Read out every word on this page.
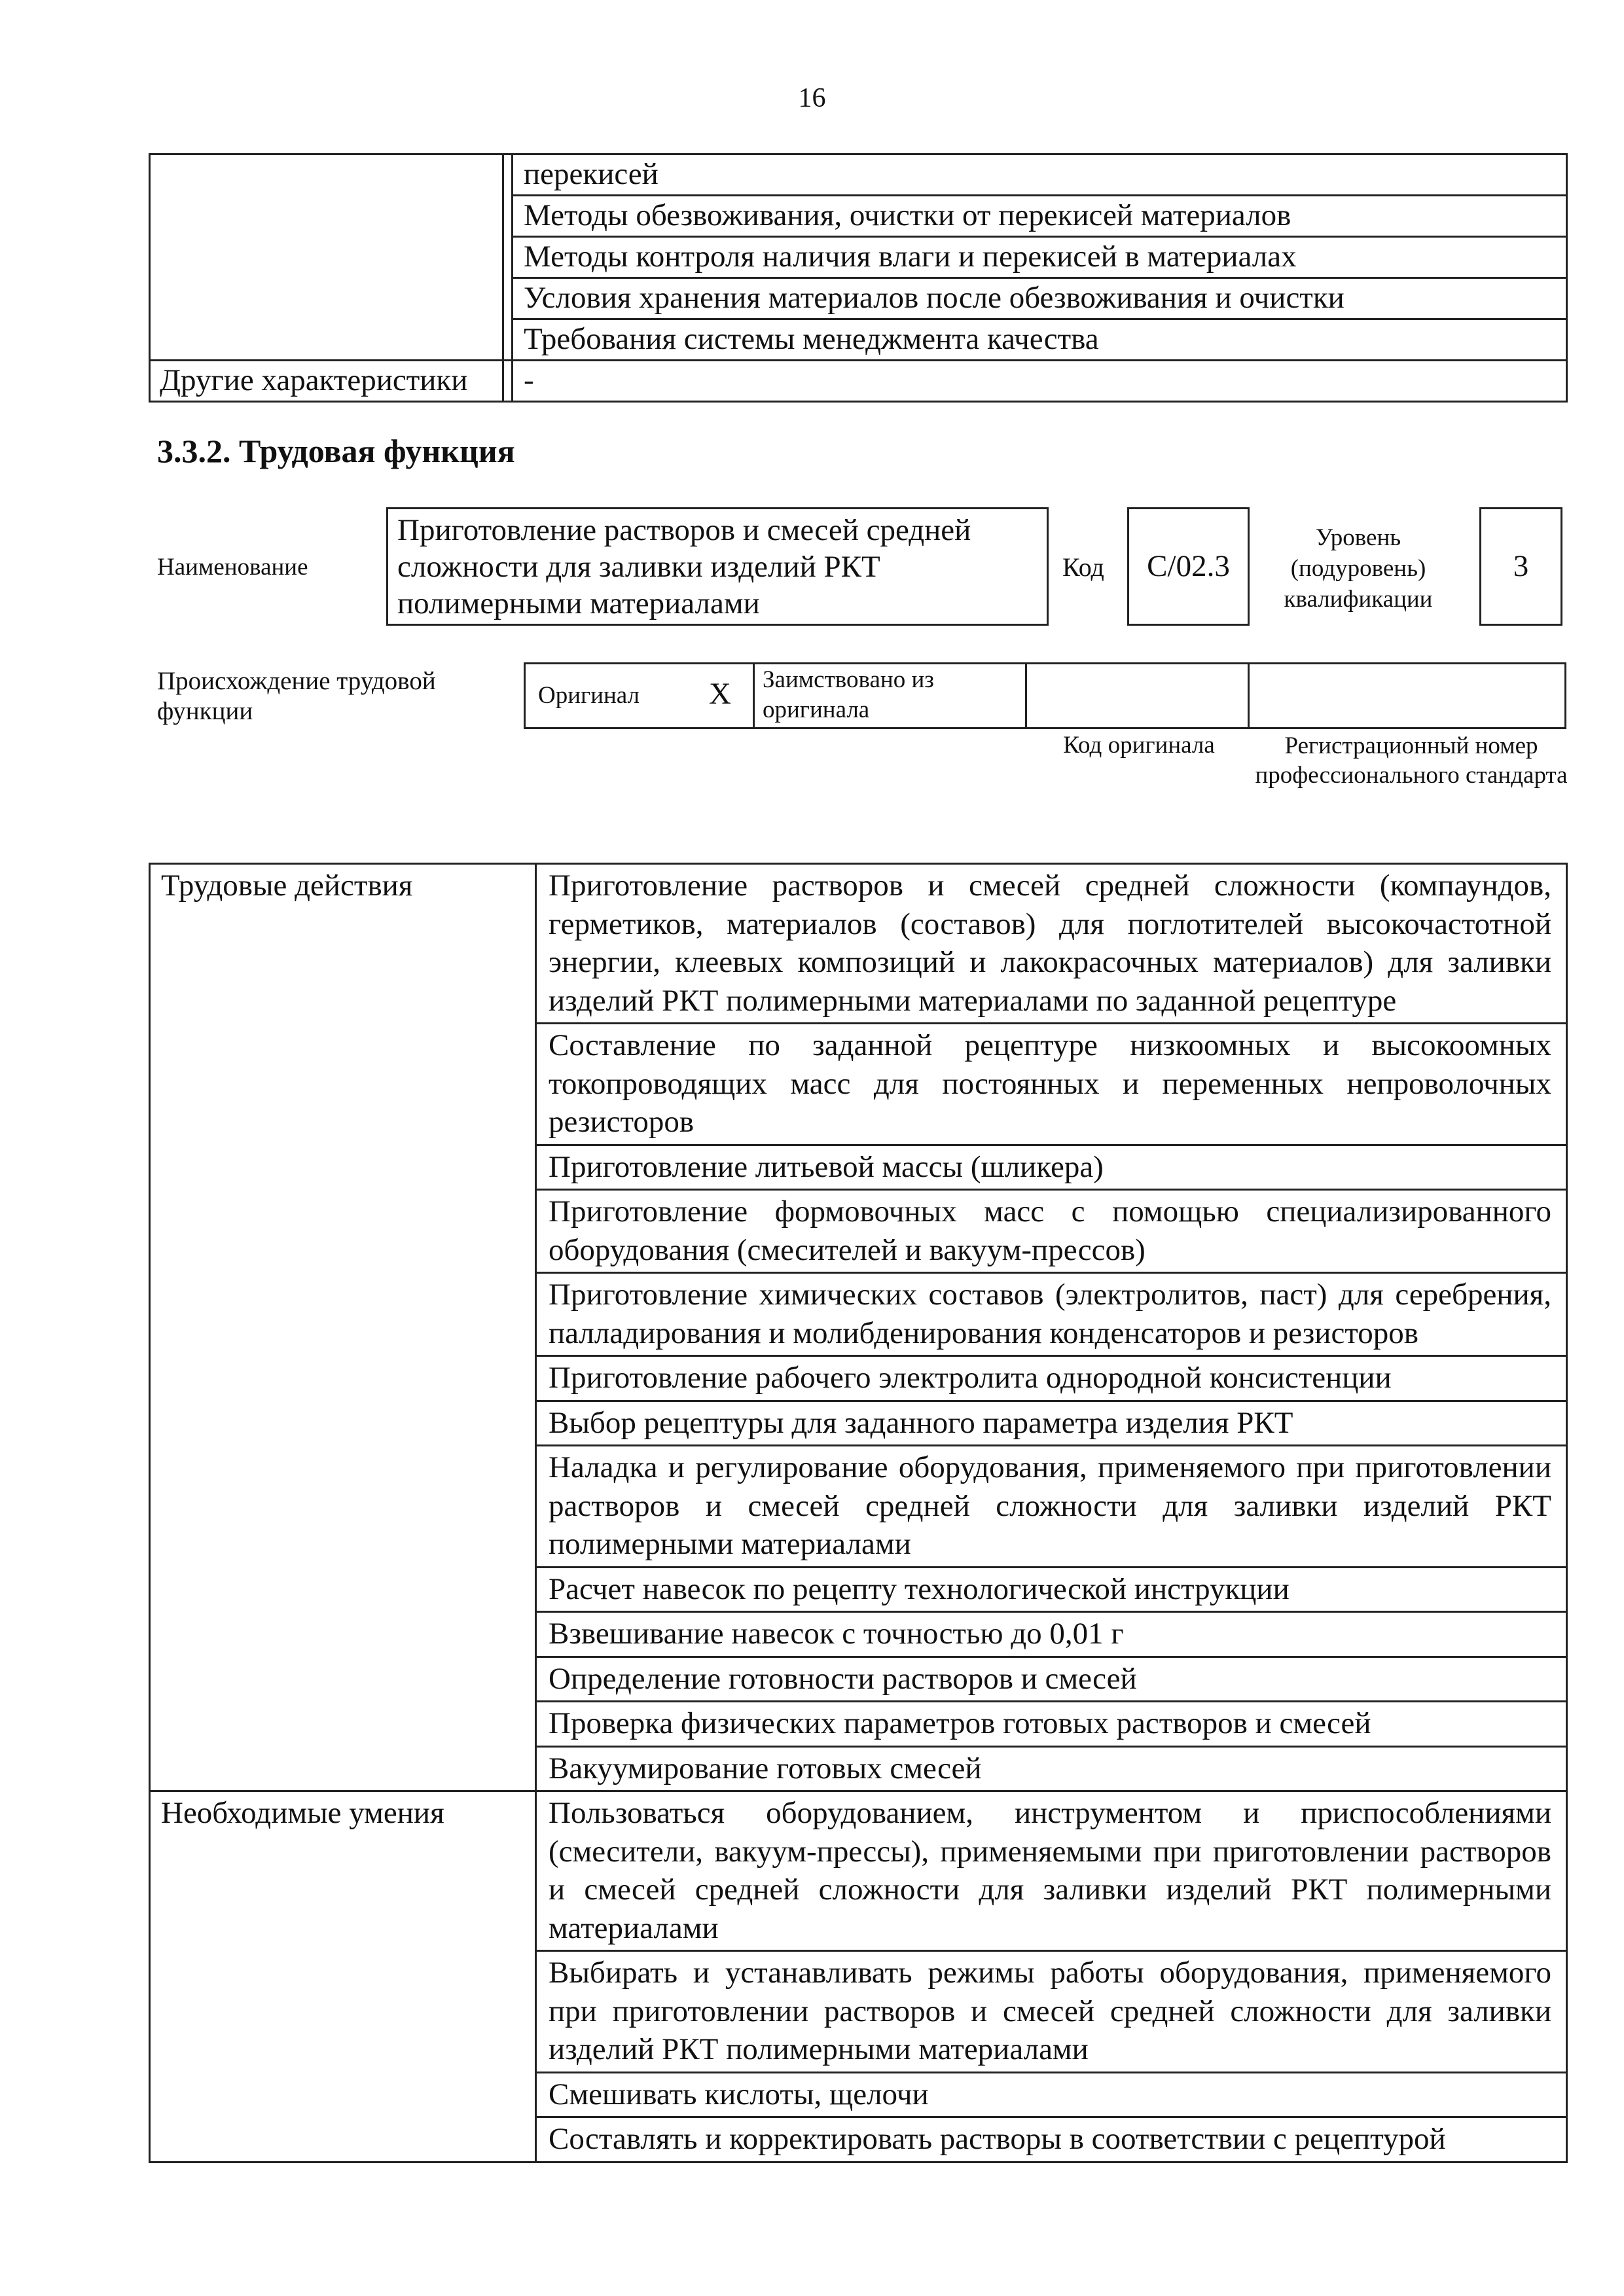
16
		перекисей
		Методы обезвоживания, очистки от перекисей материалов
		Методы контроля наличия влаги и перекисей в материалах
		Условия хранения материалов после обезвоживания и очистки
		Требования системы менеджмента качества
Другие характеристики		-
3.3.2. Трудовая функция
Наименование
Приготовление растворов и смесей средней сложности для заливки изделий РКТ полимерными материалами
Код	С/02.3
Уровень (подуровень) квалификации
3
Происхождение трудовой функции
Оригинал X Заимствовано из оригинала
Код оригинала	Регистрационный номер профессионального стандарта
Трудовые действия	Приготовление растворов и смесей средней сложности (компаундов, герметиков, материалов (составов) для поглотителей высокочастотной энергии, клеевых композиций и лакокрасочных материалов) для заливки изделий РКТ полимерными материалами по заданной рецептуре
	Составление по заданной рецептуре низкоомных и высокоомных токопроводящих масс для постоянных и переменных непроволочных резисторов
	Приготовление литьевой массы (шликера)
	Приготовление формовочных масс с помощью специализированного оборудования (смесителей и вакуум-прессов)
	Приготовление химических составов (электролитов, паст) для серебрения, палладирования и молибденирования конденсаторов и резисторов
	Приготовление рабочего электролита однородной консистенции
	Выбор рецептуры для заданного параметра изделия РКТ
	Наладка и регулирование оборудования, применяемого при приготовлении растворов и смесей средней сложности для заливки изделий РКТ полимерными материалами
	Расчет навесок по рецепту технологической инструкции
	Взвешивание навесок с точностью до 0,01 г
	Определение готовности растворов и смесей
	Проверка физических параметров готовых растворов и смесей
	Вакуумирование готовых смесей
Необходимые умения	Пользоваться оборудованием, инструментом и приспособлениями (смесители, вакуум-прессы), применяемыми при приготовлении растворов и смесей средней сложности для заливки изделий РКТ полимерными материалами
	Выбирать и устанавливать режимы работы оборудования, применяемого при приготовлении растворов и смесей средней сложности для заливки изделий РКТ полимерными материалами
	Смешивать кислоты, щелочи
	Составлять и корректировать растворы в соответствии с рецептурой
